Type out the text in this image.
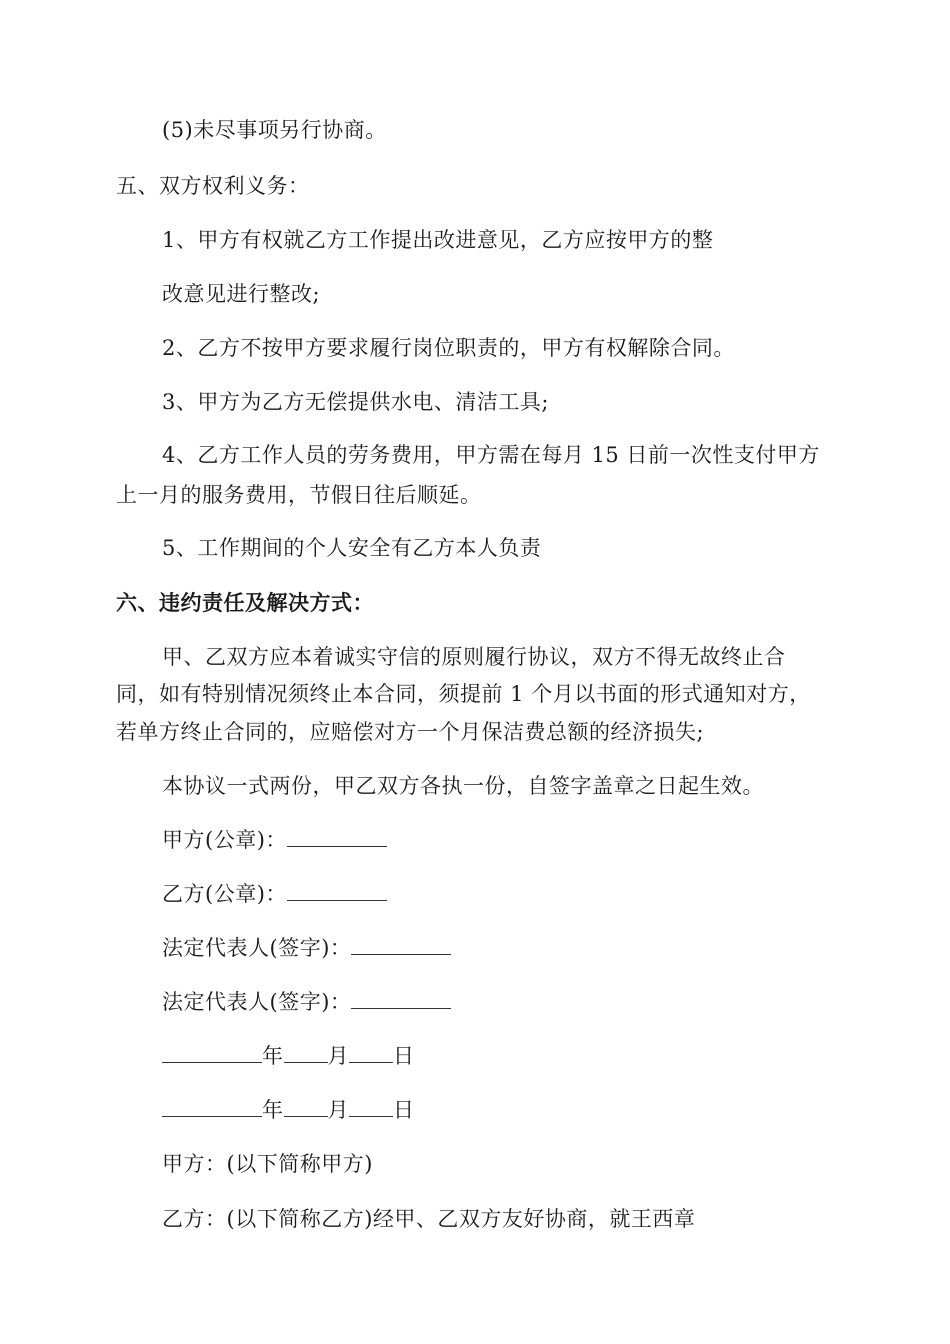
(5)未尽事项另行协商。
五、双方权利义务：
1、甲方有权就乙方工作提出改进意见，乙方应按甲方的整
改意见进行整改;
2、乙方不按甲方要求履行岗位职责的，甲方有权解除合同。
3、甲方为乙方无偿提供水电、清洁工具;
4、乙方工作人员的劳务费用，甲方需在每月 15 日前一次性支付甲方
上一月的服务费用，节假日往后顺延。
5、工作期间的个人安全有乙方本人负责
六、违约责任及解决方式：
甲、乙双方应本着诚实守信的原则履行协议，双方不得无故终止合
同，如有特别情况须终止本合同，须提前 1 个月以书面的形式通知对方，
若单方终止合同的，应赔偿对方一个月保洁费总额的经济损失;
本协议一式两份，甲乙双方各执一份，自签字盖章之日起生效。
甲方(公章)：
乙方(公章)：
法定代表人(签字)：
法定代表人(签字)：
年 月 日
年 月 日
甲方：(以下简称甲方)
乙方：(以下简称乙方)经甲、乙双方友好协商，就王西章
